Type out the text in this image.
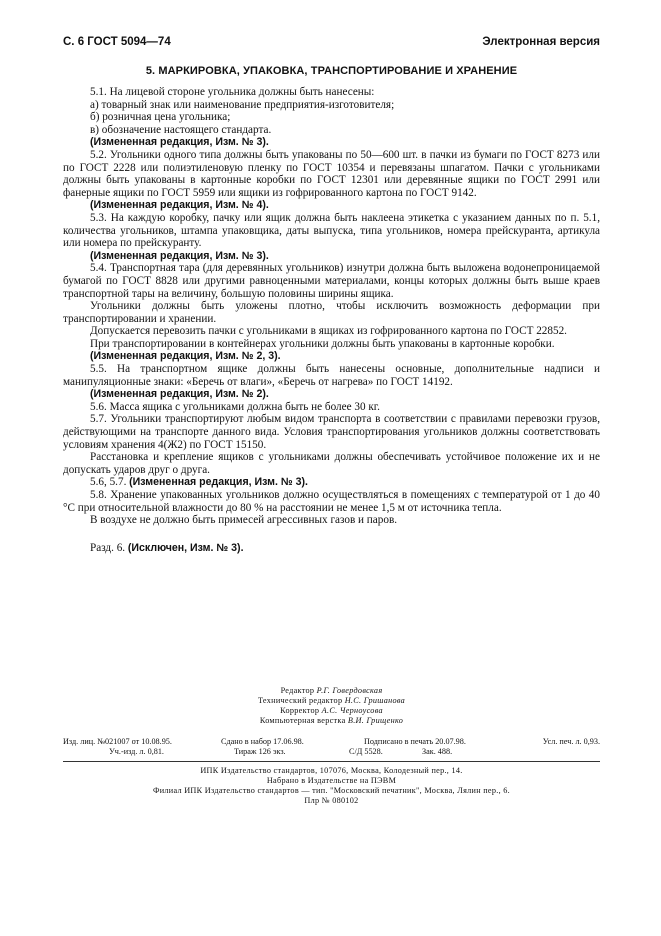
С. 6 ГОСТ 5094—74	Электронная версия
5. МАРКИРОВКА, УПАКОВКА, ТРАНСПОРТИРОВАНИЕ И ХРАНЕНИЕ

5.1. На лицевой стороне угольника должны быть нанесены:

а) товарный знак или наименование предприятия-изготовителя;

б) розничная цена угольника;

в) обозначение настоящего стандарта.

(Измененная редакция, Изм. № 3).

5.2. Угольники одного типа должны быть упакованы по 50—600 шт. в пачки из бумаги по ГОСТ 8273 или по ГОСТ 2228 или полиэтиленовую пленку по ГОСТ 10354 и перевязаны шпагатом. Пачки с угольниками должны быть упакованы в картонные коробки по ГОСТ 12301 или деревянные ящики по ГОСТ 2991 или фанерные ящики по ГОСТ 5959 или ящики из гофрированного картона по ГОСТ 9142.

(Измененная редакция, Изм. № 4).

5.3. На каждую коробку, пачку или ящик должна быть наклеена этикетка с указанием данных по п. 5.1, количества угольников, штампа упаковщика, даты выпуска, типа угольников, номера прейскуранта, артикула или номера по прейскуранту.

(Измененная редакция, Изм. № 3).

5.4. Транспортная тара (для деревянных угольников) изнутри должна быть выложена водонепроницаемой бумагой по ГОСТ 8828 или другими равноценными материалами, концы которых должны быть выше краев транспортной тары на величину, большую половины ширины ящика.

Угольники должны быть уложены плотно, чтобы исключить возможность деформации при транспортировании и хранении.

Допускается перевозить пачки с угольниками в ящиках из гофрированного картона по ГОСТ 22852.

При транспортировании в контейнерах угольники должны быть упакованы в картонные коробки.

(Измененная редакция, Изм. № 2, 3).

5.5. На транспортном ящике должны быть нанесены основные, дополнительные надписи и манипуляционные знаки: «Беречь от влаги», «Беречь от нагрева» по ГОСТ 14192.

(Измененная редакция, Изм. № 2).

5.6. Масса ящика с угольниками должна быть не более 30 кг.

5.7. Угольники транспортируют любым видом транспорта в соответствии с правилами перевозки грузов, действующими на транспорте данного вида. Условия транспортирования угольников должны соответствовать условиям хранения 4(Ж2) по ГОСТ 15150.

Расстановка и крепление ящиков с угольниками должны обеспечивать устойчивое положение их и не допускать ударов друг о друга.

5.6, 5.7. (Измененная редакция, Изм. № 3).

5.8. Хранение упакованных угольников должно осуществляться в помещениях с температурой от 1 до 40 °С при относительной влажности до 80 % на расстоянии не менее 1,5 м от источника тепла.

В воздухе не должно быть примесей агрессивных газов и паров.

Разд. 6. (Исключен, Изм. № 3).

Редактор Р.Г. Говердовская
Технический редактор Н.С. Гришанова
Корректор А.С. Черноусова
Компьютерная верстка В.И. Грищенко
Изд. лиц. №021007 от 10.08.95.	Сдано в набор 17.06.98.	Подписано в печать 20.07.98.	Усл. печ. л. 0,93.
Уч.-изд. л. 0,81.	Тираж 126 экз.	С/Д 5528.	Зак. 488.
ИПК Издательство стандартов, 107076, Москва, Колодезный пер., 14.
Набрано в Издательстве на ПЭВМ
Филиал ИПК Издательство стандартов — тип. "Московский печатник", Москва, Лялин пер., 6.
Плр № 080102
